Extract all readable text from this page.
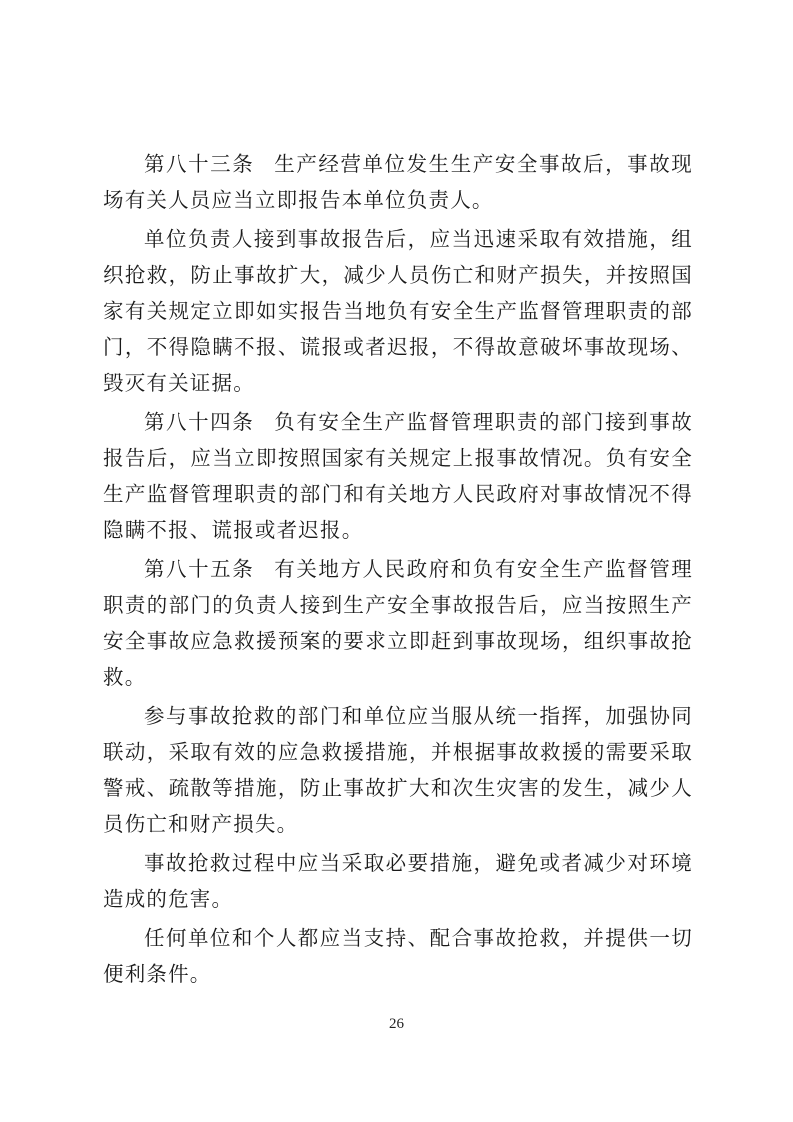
第八十三条 生产经营单位发生生产安全事故后，事故现场有关人员应当立即报告本单位负责人。

单位负责人接到事故报告后，应当迅速采取有效措施，组织抢救，防止事故扩大，减少人员伤亡和财产损失，并按照国家有关规定立即如实报告当地负有安全生产监督管理职责的部门，不得隐瞒不报、谎报或者迟报，不得故意破坏事故现场、毁灭有关证据。

第八十四条 负有安全生产监督管理职责的部门接到事故报告后，应当立即按照国家有关规定上报事故情况。负有安全生产监督管理职责的部门和有关地方人民政府对事故情况不得隐瞒不报、谎报或者迟报。

第八十五条 有关地方人民政府和负有安全生产监督管理职责的部门的负责人接到生产安全事故报告后，应当按照生产安全事故应急救援预案的要求立即赶到事故现场，组织事故抢救。

参与事故抢救的部门和单位应当服从统一指挥，加强协同联动，采取有效的应急救援措施，并根据事故救援的需要采取警戒、疏散等措施，防止事故扩大和次生灾害的发生，减少人员伤亡和财产损失。

事故抢救过程中应当采取必要措施，避免或者减少对环境造成的危害。

任何单位和个人都应当支持、配合事故抢救，并提供一切便利条件。

26
